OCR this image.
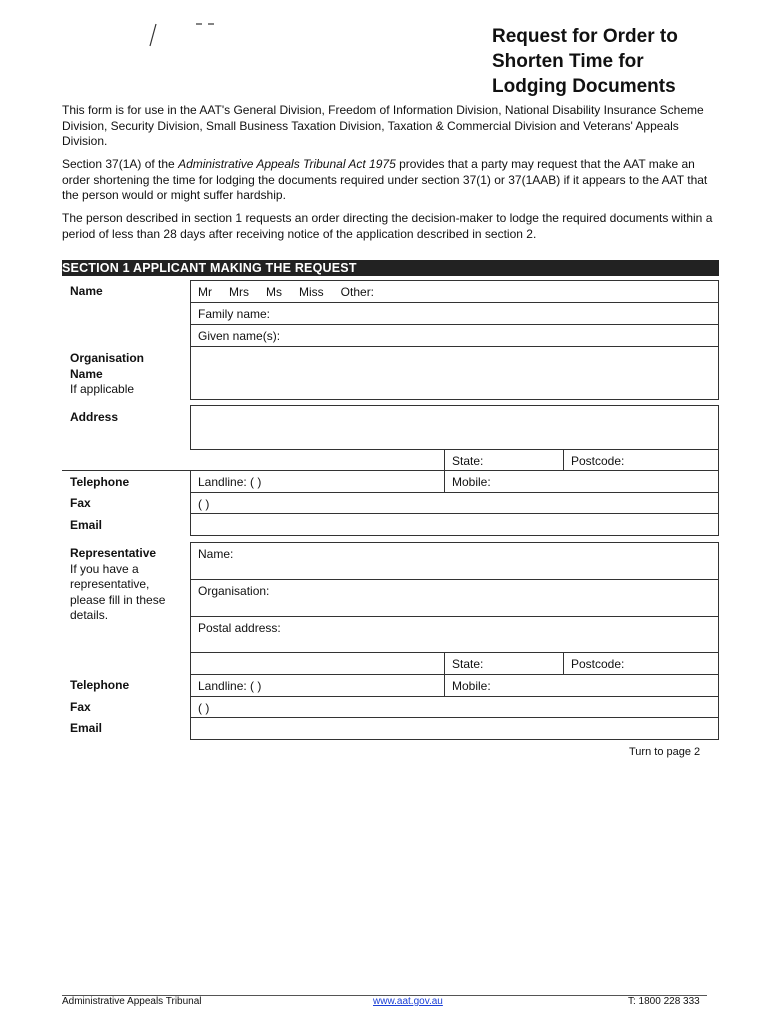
Request for Order to
Shorten Time for
Lodging Documents
This form is for use in the AAT's General Division, Freedom of Information Division, National Disability Insurance Scheme Division, Security Division, Small Business Taxation Division, Taxation & Commercial Division and Veterans' Appeals Division.
Section 37(1A) of the Administrative Appeals Tribunal Act 1975 provides that a party may request that the AAT make an order shortening the time for lodging the documents required under section 37(1) or 37(1AAB) if it appears to the AAT that the person would or might suffer hardship.
The person described in section 1 requests an order directing the decision-maker to lodge the required documents within a period of less than 28 days after receiving notice of the application described in section 2.
SECTION 1 APPLICANT MAKING THE REQUEST
Name	Mr Mrs Ms Miss Other:
Family name:
Given name(s):
Organisation
Name
If applicable
Address
State:	Postcode:
Telephone	Landline: ( )	Mobile:
Fax	( )
Email
Representative
If you have a
representative,
please fill in these
details.
Name:
Organisation:
Postal address:
State:	Postcode:
Telephone	Landline: ( )	Mobile:
Fax	( )
Email
Turn to page 2
Administrative Appeals Tribunal	www.aat.gov.au	T: 1800 228 333
